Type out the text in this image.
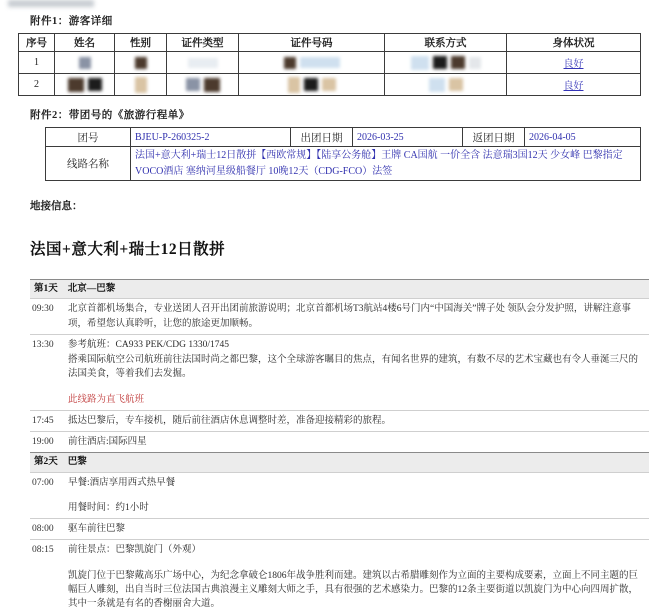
附件1：游客详细
序号	姓名	性别	证件类型	证件号码	联系方式	身体状况
1						良好
2						良好
附件2：带团号的《旅游行程单》
团号	BJEU-P-260325-2	出团日期	2026-03-25	返团日期	2026-04-05
线路名称	法国+意大利+瑞士12日散拼【西欧常规】【陆享公务舱】王牌 CA国航 一价全含 法意瑞3国12天 少女峰 巴黎指定VOCO酒店 塞纳河星级船餐厅 10晚12天（CDG-FCO）法签				
地接信息：
法国+意大利+瑞士12日散拼
第1天 北京—巴黎
09:30	北京首都机场集合，专业送团人召开出团前旅游说明；北京首都机场T3航站4楼6号门内“中国海关”牌子处 领队会分发护照，讲解注意事项，希望您认真聆听，让您的旅途更加顺畅。

13:30	参考航班：CA933 PEK/CDG 1330/1745

搭乘国际航空公司航班前往法国时尚之都巴黎，这个全球游客瞩目的焦点，有闻名世界的建筑，有数不尽的艺术宝藏也有令人垂涎三尺的法国美食，等着我们去发掘。

此线路为直飞航班

17:45	抵达巴黎后，专车接机，随后前往酒店休息调整时差，准备迎接精彩的旅程。

19:00	前往酒店:国际四星

第2天 巴黎
07:00	早餐:酒店享用西式热早餐

用餐时间：约1小时

08:00	驱车前往巴黎

08:15	前往景点：巴黎凯旋门（外观）

凯旋门位于巴黎戴高乐广场中心，为纪念拿破仑1806年战争胜利而建。建筑以古希腊雕刻作为立面的主要构成要素，立面上不同主题的巨幅巨人雕刻，出自当时三位法国古典浪漫主义雕刻大师之手，具有很强的艺术感染力。巴黎的12条主要街道以凯旋门为中心向四周扩散，其中一条就是有名的香榭丽舍大道。
